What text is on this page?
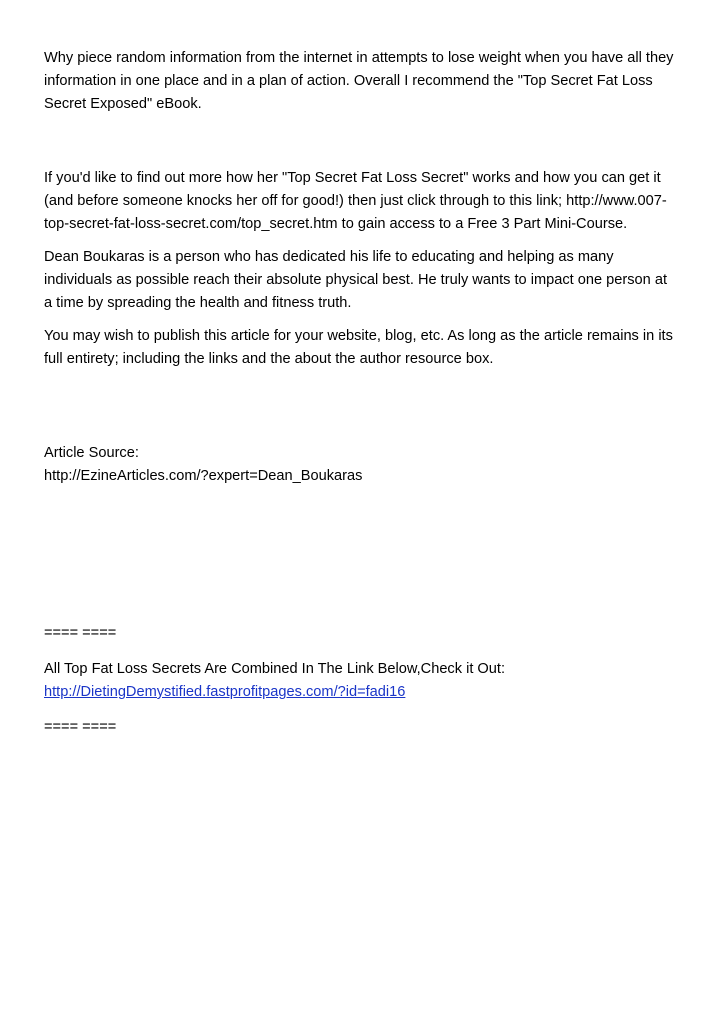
Why piece random information from the internet in attempts to lose weight when you have all they

information in one place and in a plan of action. Overall I recommend the "Top Secret Fat Loss

Secret Exposed" eBook.

If you'd like to find out more how her "Top Secret Fat Loss Secret" works and how you can get it

(and before someone knocks her off for good!) then just click through to this link; http://www.007-

top-secret-fat-loss-secret.com/top_secret.htm to gain access to a Free 3 Part Mini-Course.

Dean Boukaras is a person who has dedicated his life to educating and helping as many

individuals as possible reach their absolute physical best. He truly wants to impact one person at

a time by spreading the health and fitness truth.

You may wish to publish this article for your website, blog, etc. As long as the article remains in its

full entirety; including the links and the about the author resource box.

Article Source:

http://EzineArticles.com/?expert=Dean_Boukaras

==== ====

All Top Fat Loss Secrets Are Combined In The Link Below,Check it Out:

http://DietingDemystified.fastprofitpages.com/?id=fadi16

==== ====
